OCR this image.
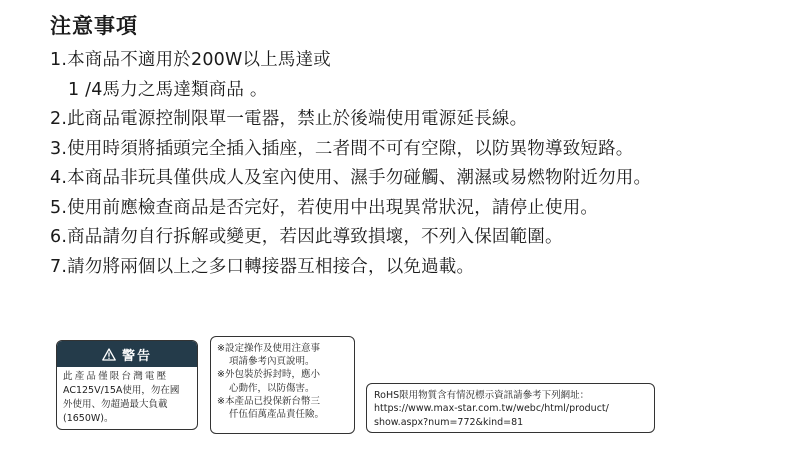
注意事項
1.本商品不適用於200W以上馬達或
1 /4馬力之馬達類商品 。
2.此商品電源控制限單一電器，禁止於後端使用電源延長線。
3.使用時須將插頭完全插入插座，二者間不可有空隙，以防異物導致短路。
4.本商品非玩具僅供成人及室內使用、濕手勿碰觸、潮濕或易燃物附近勿用。
5.使用前應檢查商品是否完好，若使用中出現異常狀況，請停止使用。
6.商品請勿自行拆解或變更，若因此導致損壞，不列入保固範圍。
7.請勿將兩個以上之多口轉接器互相接合，以免過載。
警告
此產品僅限台灣電壓
AC125V/15A使用，勿在國
外使用、勿超過最大負載
(1650W)。
※設定操作及使用注意事
項請參考內頁說明。
※外包裝於拆封時，應小
心動作，以防傷害。
※本產品已投保新台幣三
仟伍佰萬產品責任險。
RoHS限用物質含有情況標示資訊請參考下列網址：
https://www.max-star.com.tw/webc/html/product/
show.aspx?num=772&kind=81
